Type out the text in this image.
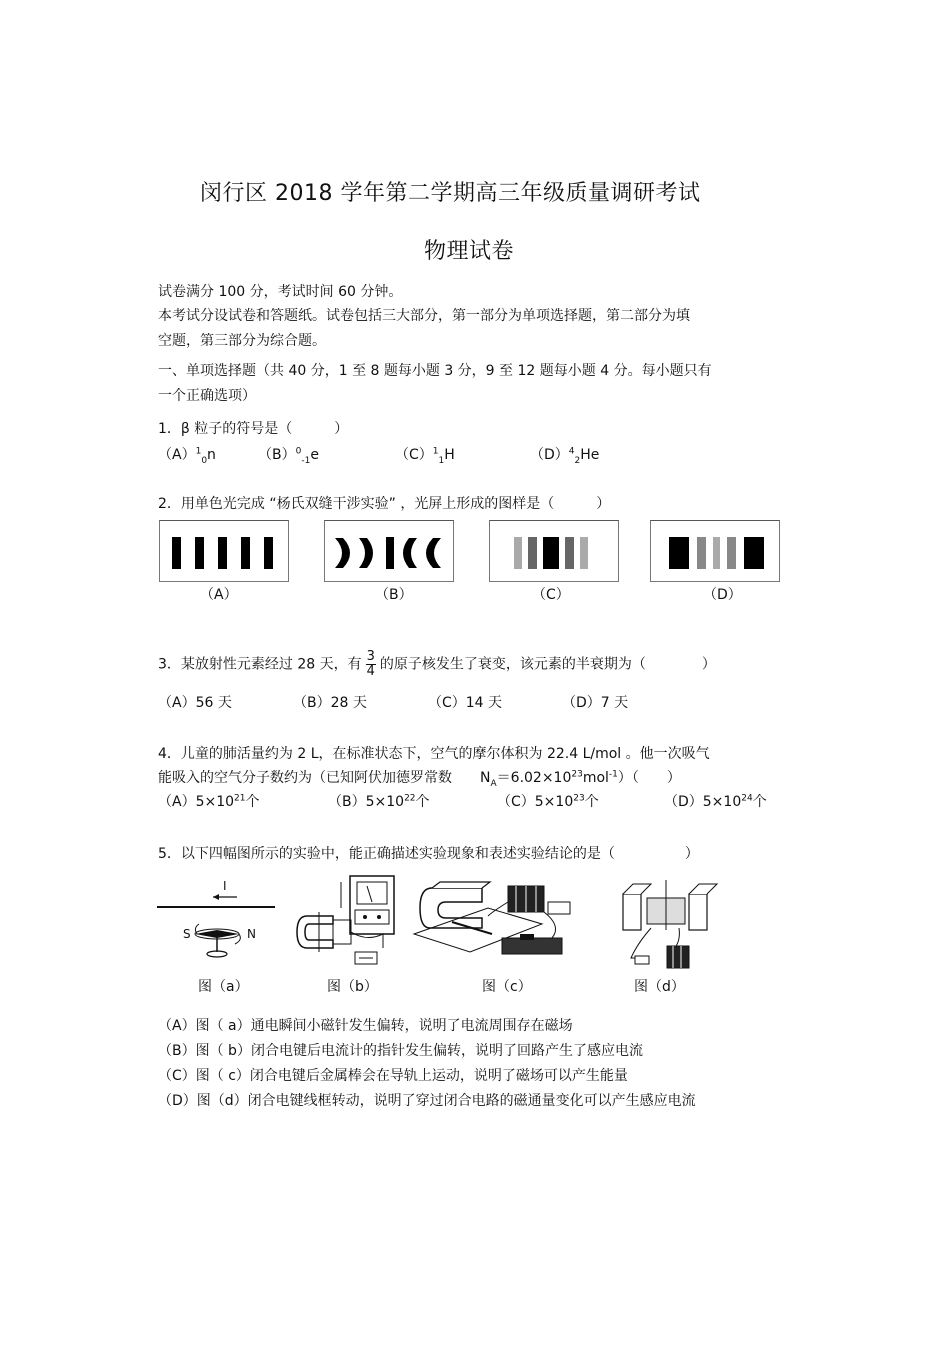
闵行区 2018 学年第二学期高三年级质量调研考试
物理试卷
试卷满分 100 分，考试时间 60 分钟。
本考试分设试卷和答题纸。试卷包括三大部分，第一部分为单项选择题，第二部分为填
空题，第三部分为综合题。
一、单项选择题（共 40 分，1 至 8 题每小题 3 分，9 至 12 题每小题 4 分。每小题只有
一个正确选项）
1．β 粒子的符号是（　　　）
$(A)^1_0n$	$(B)^0_{-1}e$	$(C)^1_1H$	$(D)^4_2He$
2．用单色光完成 “杨氏双缝干涉实验” ，光屏上形成的图样是（　　　）
（A）	（B）	（C）	（D）
3．某放射性元素经过 28 天，有 $\frac{3}{4}$ 的原子核发生了衰变，该元素的半衰期为（　　　　）
（A）56 天	（B）28 天	（C）14 天	（D）7 天
4．儿童的肺活量约为 2 L，在标准状态下，空气的摩尔体积为 22.4 L/mol 。他一次吸气
能吸入的空气分子数约为（已知阿伏加德罗常数　　 $N_A=6.02\times 10^{23}mol^{-1}$）（　　）
$(A)5\times 10^{21}$个	$(B)5\times 10^{22}$个	$(C)5\times 10^{23}$个	$(D)5\times 10^{24}$个
5．以下四幅图所示的实验中，能正确描述实验现象和表述实验结论的是（　　　　　）
I
S	N
图（a）	图（b）	图（c）	图（d）
（A）图（ a）通电瞬间小磁针发生偏转，说明了电流周围存在磁场
（B）图（ b）闭合电键后电流计的指针发生偏转，说明了回路产生了感应电流
（C）图（ c）闭合电键后金属棒会在导轨上运动，说明了磁场可以产生能量
（D）图（d）闭合电键线框转动，说明了穿过闭合电路的磁通量变化可以产生感应电流
